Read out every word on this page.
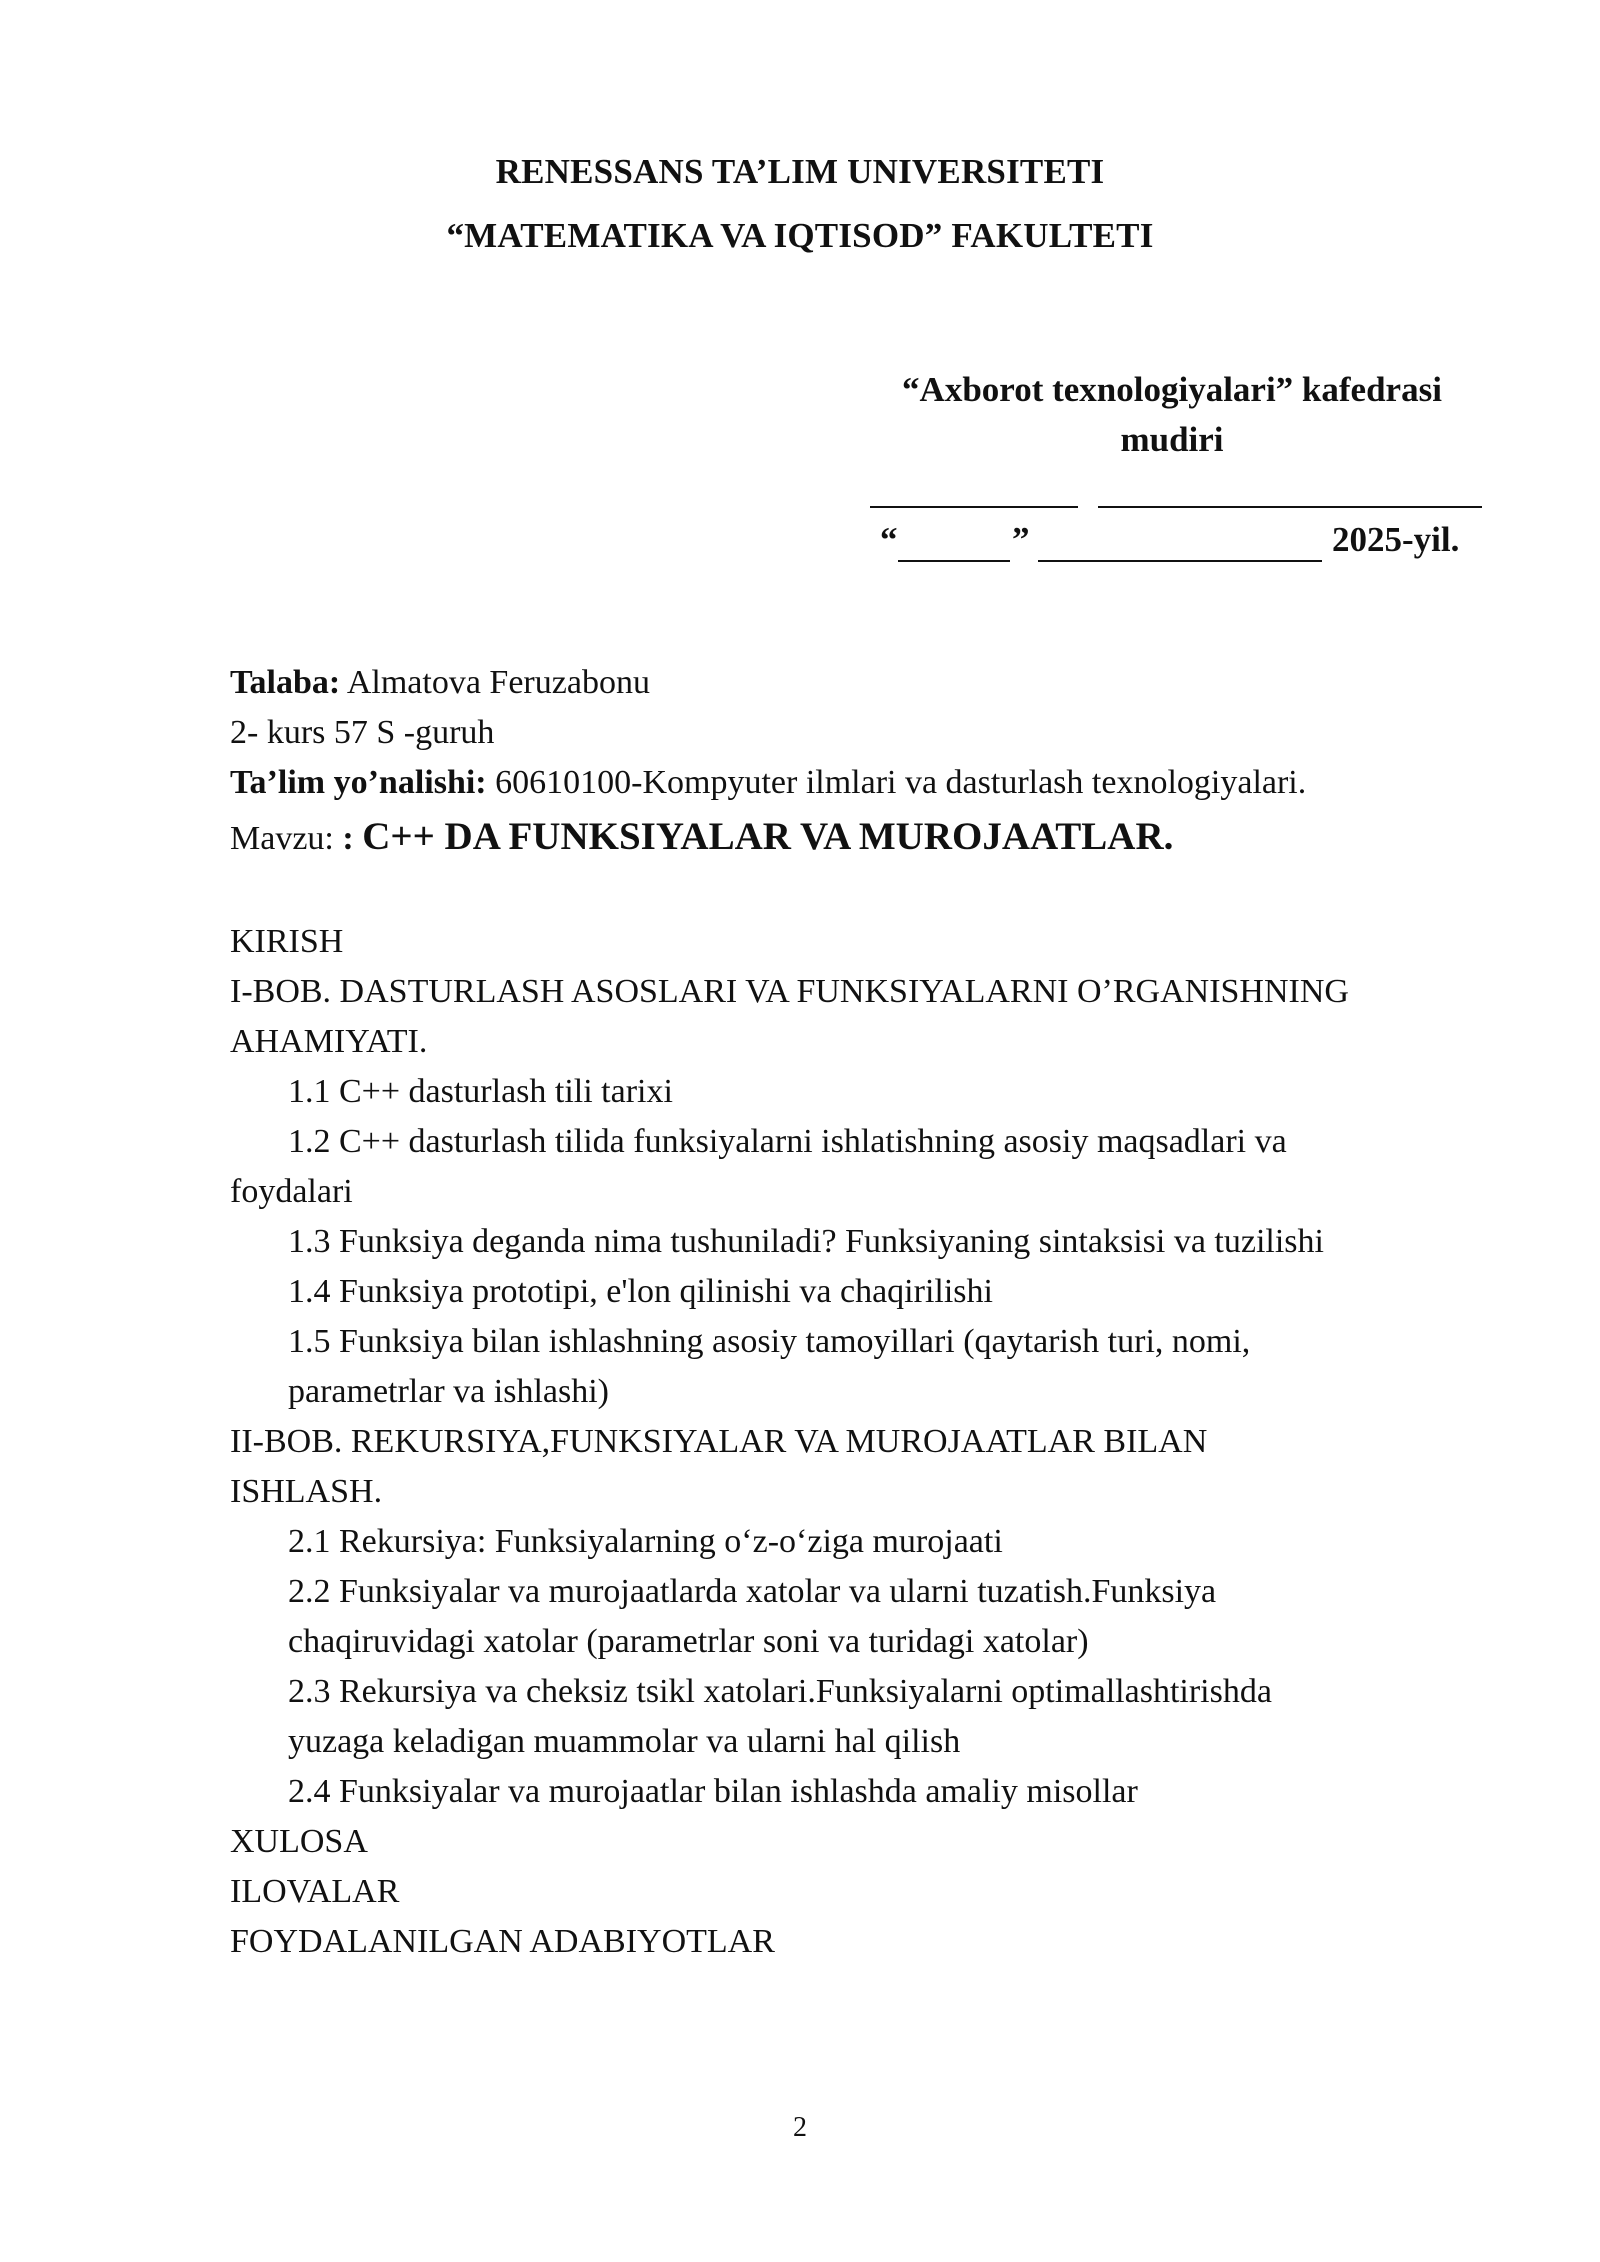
RENESSANS TA’LIM UNIVERSITETI
“MATEMATIKA VA IQTISOD” FAKULTETI
“Axborot texnologiyalari” kafedrasi
mudiri
“	”	2025-yil.
Talaba: Almatova Feruzabonu
2- kurs 57 S -guruh
Ta’lim yo’nalishi: 60610100-Kompyuter ilmlari va dasturlash texnologiyalari.
Mavzu: : C++ DA FUNKSIYALAR VA MUROJAATLAR.
KIRISH
I-BOB. DASTURLASH ASOSLARI VA FUNKSIYALARNI O’RGANISHNING
AHAMIYATI.
1.1 C++ dasturlash tili tarixi
1.2 C++ dasturlash tilida funksiyalarni ishlatishning asosiy maqsadlari va
foydalari
1.3 Funksiya deganda nima tushuniladi? Funksiyaning sintaksisi va tuzilishi
1.4 Funksiya prototipi, e'lon qilinishi va chaqirilishi
1.5 Funksiya bilan ishlashning asosiy tamoyillari (qaytarish turi, nomi,
parametrlar va ishlashi)
II-BOB. REKURSIYA,FUNKSIYALAR VA MUROJAATLAR BILAN
ISHLASH.
2.1 Rekursiya: Funksiyalarning o‘z-o‘ziga murojaati
2.2 Funksiyalar va murojaatlarda xatolar va ularni tuzatish.Funksiya
chaqiruvidagi xatolar (parametrlar soni va turidagi xatolar)
2.3 Rekursiya va cheksiz tsikl xatolari.Funksiyalarni optimallashtirishda
yuzaga keladigan muammolar va ularni hal qilish
2.4 Funksiyalar va murojaatlar bilan ishlashda amaliy misollar
XULOSA
ILOVALAR
FOYDALANILGAN ADABIYOTLAR
2
